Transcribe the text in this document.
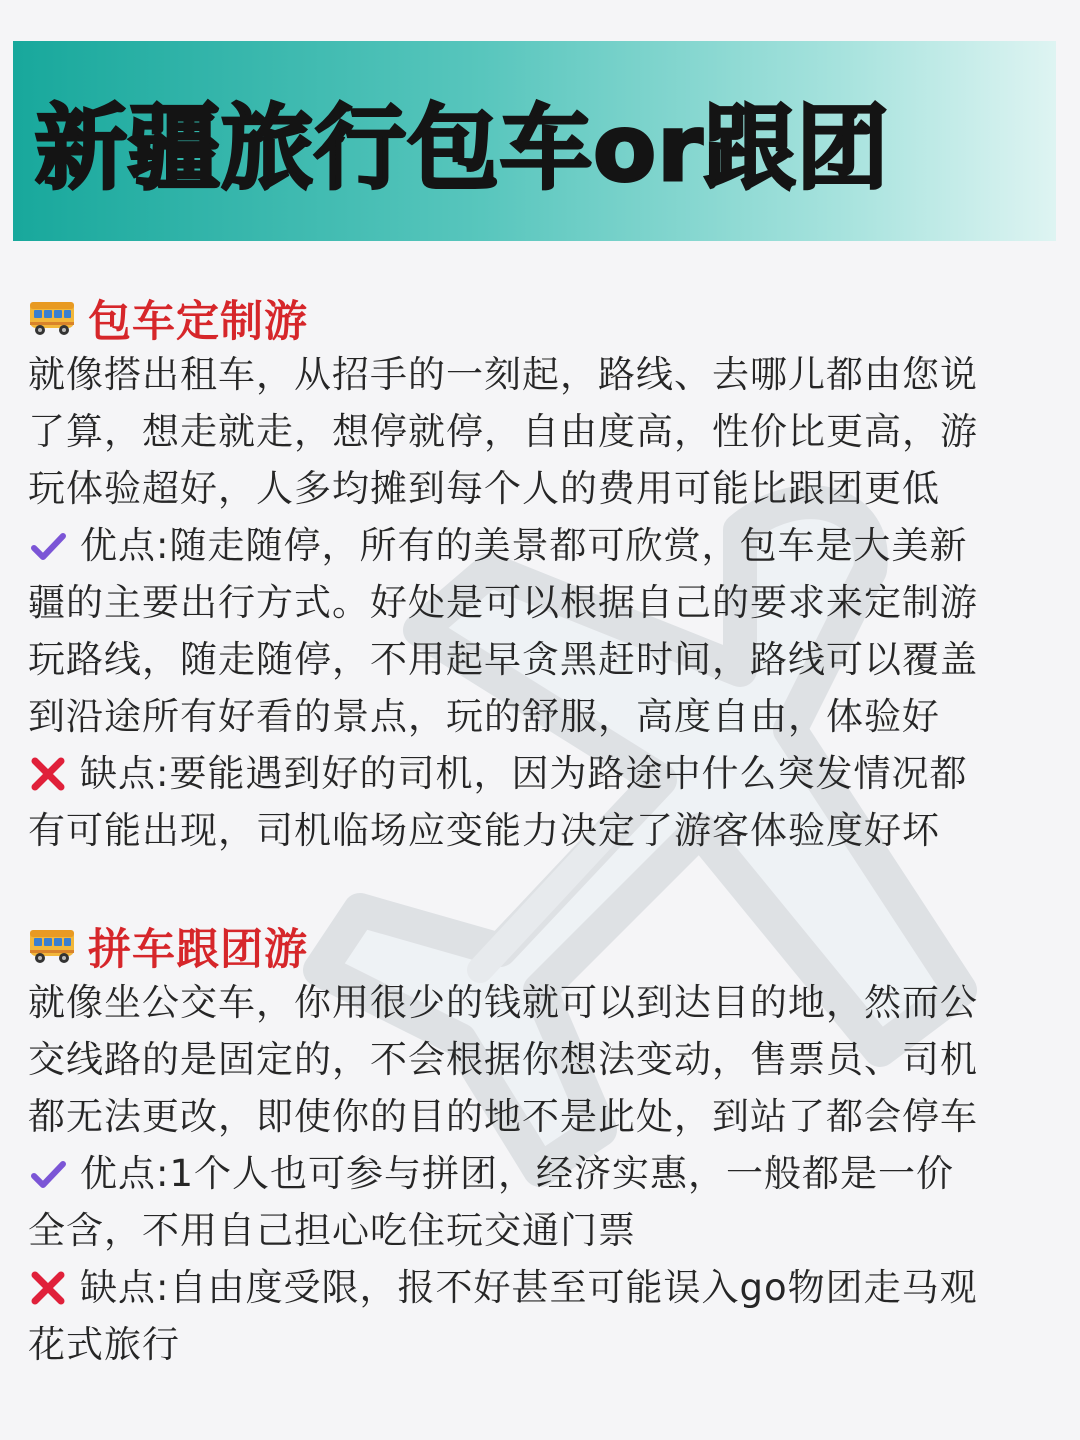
新疆旅行包车or跟团
包车定制游
就像搭出租车，从招手的一刻起，路线、去哪儿都由您说
了算，想走就走，想停就停，自由度高，性价比更高，游
玩体验超好，人多均摊到每个人的费用可能比跟团更低
优点:随走随停，所有的美景都可欣赏，包车是大美新
疆的主要出行方式。好处是可以根据自己的要求来定制游
玩路线，随走随停，不用起早贪黑赶时间，路线可以覆盖
到沿途所有好看的景点，玩的舒服，高度自由，体验好
缺点:要能遇到好的司机，因为路途中什么突发情况都
有可能出现，司机临场应变能力决定了游客体验度好坏
拼车跟团游
就像坐公交车，你用很少的钱就可以到达目的地，然而公
交线路的是固定的，不会根据你想法变动，售票员、司机
都无法更改，即使你的目的地不是此处，到站了都会停车
优点:1个人也可参与拼团，经济实惠，一般都是一价
全含，不用自己担心吃住玩交通门票
缺点:自由度受限，报不好甚至可能误入go物团走马观
花式旅行
